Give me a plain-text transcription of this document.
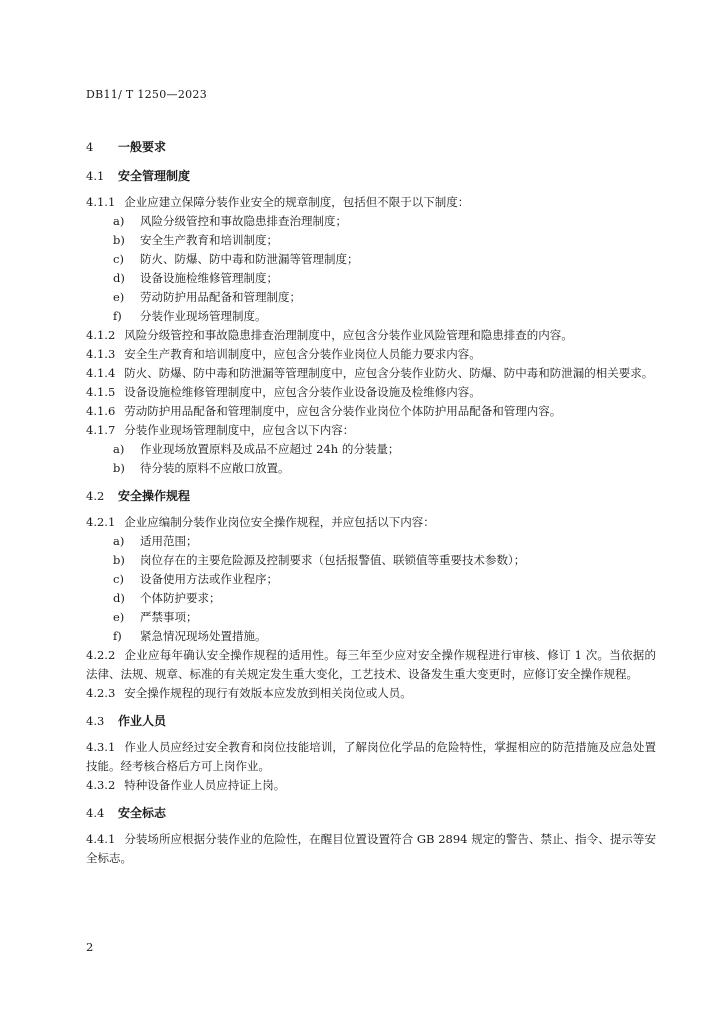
DB11/ T 1250—2023
4 一般要求
4.1 安全管理制度
4.1.1 企业应建立保障分装作业安全的规章制度，包括但不限于以下制度：
a) 风险分级管控和事故隐患排查治理制度；
b) 安全生产教育和培训制度；
c) 防火、防爆、防中毒和防泄漏等管理制度；
d) 设备设施检维修管理制度；
e) 劳动防护用品配备和管理制度；
f) 分装作业现场管理制度。
4.1.2 风险分级管控和事故隐患排查治理制度中，应包含分装作业风险管理和隐患排查的内容。
4.1.3 安全生产教育和培训制度中，应包含分装作业岗位人员能力要求内容。
4.1.4 防火、防爆、防中毒和防泄漏等管理制度中，应包含分装作业防火、防爆、防中毒和防泄漏的相关要求。
4.1.5 设备设施检维修管理制度中，应包含分装作业设备设施及检维修内容。
4.1.6 劳动防护用品配备和管理制度中，应包含分装作业岗位个体防护用品配备和管理内容。
4.1.7 分装作业现场管理制度中，应包含以下内容：
a) 作业现场放置原料及成品不应超过 24h 的分装量；
b) 待分装的原料不应敞口放置。
4.2 安全操作规程
4.2.1 企业应编制分装作业岗位安全操作规程，并应包括以下内容：
a) 适用范围；
b) 岗位存在的主要危险源及控制要求（包括报警值、联锁值等重要技术参数）；
c) 设备使用方法或作业程序；
d) 个体防护要求；
e) 严禁事项；
f) 紧急情况现场处置措施。
4.2.2 企业应每年确认安全操作规程的适用性。每三年至少应对安全操作规程进行审核、修订 1 次。当依据的法律、法规、规章、标准的有关规定发生重大变化，工艺技术、设备发生重大变更时，应修订安全操作规程。
4.2.3 安全操作规程的现行有效版本应发放到相关岗位或人员。
4.3 作业人员
4.3.1 作业人员应经过安全教育和岗位技能培训，了解岗位化学品的危险特性，掌握相应的防范措施及应急处置技能。经考核合格后方可上岗作业。
4.3.2 特种设备作业人员应持证上岗。
4.4 安全标志
4.4.1 分装场所应根据分装作业的危险性，在醒目位置设置符合 GB 2894 规定的警告、禁止、指令、提示等安全标志。
2
